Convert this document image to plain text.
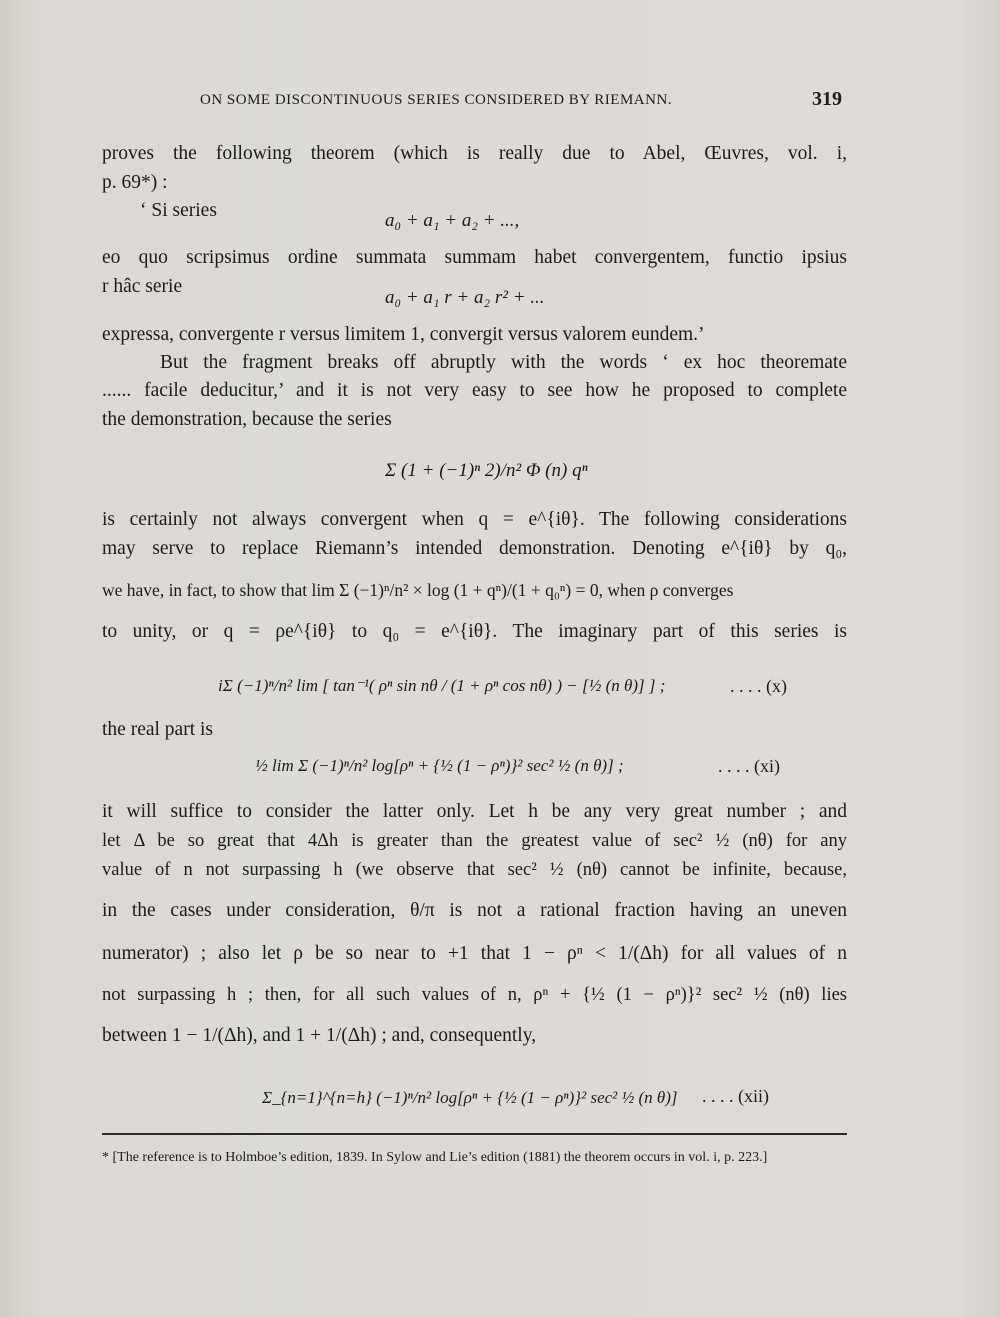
ON SOME DISCONTINUOUS SERIES CONSIDERED BY RIEMANN.	319
proves the following theorem (which is really due to Abel, Œuvres, vol. i,
p. 69*) :
‘ Si series	a₀ + a₁ + a₂ + ...,
eo quo scripsimus ordine summata summam habet convergentem, functio ipsius
r hâc serie
a₀ + a₁ r + a₂ r² + ...
expressa, convergente r versus limitem 1, convergit versus valorem eundem.’
But the fragment breaks off abruptly with the words ‘ ex hoc theoremate
...... facile deducitur,’ and it is not very easy to see how he proposed to complete
the demonstration, because the series
Σ (1 + (−1)ⁿ 2)/n² Φ (n) qⁿ
is certainly not always convergent when q = e^{iθ}. The following considerations
may serve to replace Riemann’s intended demonstration. Denoting e^{iθ} by q₀,
we have, in fact, to show that lim Σ (−1)ⁿ/n² × log (1 + qⁿ)/(1 + q₀ⁿ) = 0, when ρ converges
to unity, or q = ρe^{iθ} to q₀ = e^{iθ}. The imaginary part of this series is
iΣ (−1)ⁿ/n² lim [ tan⁻¹( ρⁿ sin nθ / (1 + ρⁿ cos nθ) ) − [½ (n θ)] ] ;	. . . . (x)
the real part is
½ lim Σ (−1)ⁿ/n² log[ρⁿ + {½ (1 − ρⁿ)}² sec² ½ (n θ)] ;	. . . . (xi)
it will suffice to consider the latter only. Let h be any very great number ; and
let Δ be so great that 4Δh is greater than the greatest value of sec² ½ (nθ) for any
value of n not surpassing h (we observe that sec² ½ (nθ) cannot be infinite, because,
in the cases under consideration, θ/π is not a rational fraction having an uneven
numerator) ; also let ρ be so near to +1 that 1 − ρⁿ < 1/(Δh) for all values of n
not surpassing h ; then, for all such values of n, ρⁿ + {½ (1 − ρⁿ)}² sec² ½ (nθ) lies
between 1 − 1/(Δh), and 1 + 1/(Δh) ; and, consequently,
Σ_{n=1}^{n=h} (−1)ⁿ/n² log[ρⁿ + {½ (1 − ρⁿ)}² sec² ½ (n θ)] . . . . (xii)
* [The reference is to Holmboe’s edition, 1839. In Sylow and Lie’s edition (1881) the theorem occurs in vol. i, p. 223.]
